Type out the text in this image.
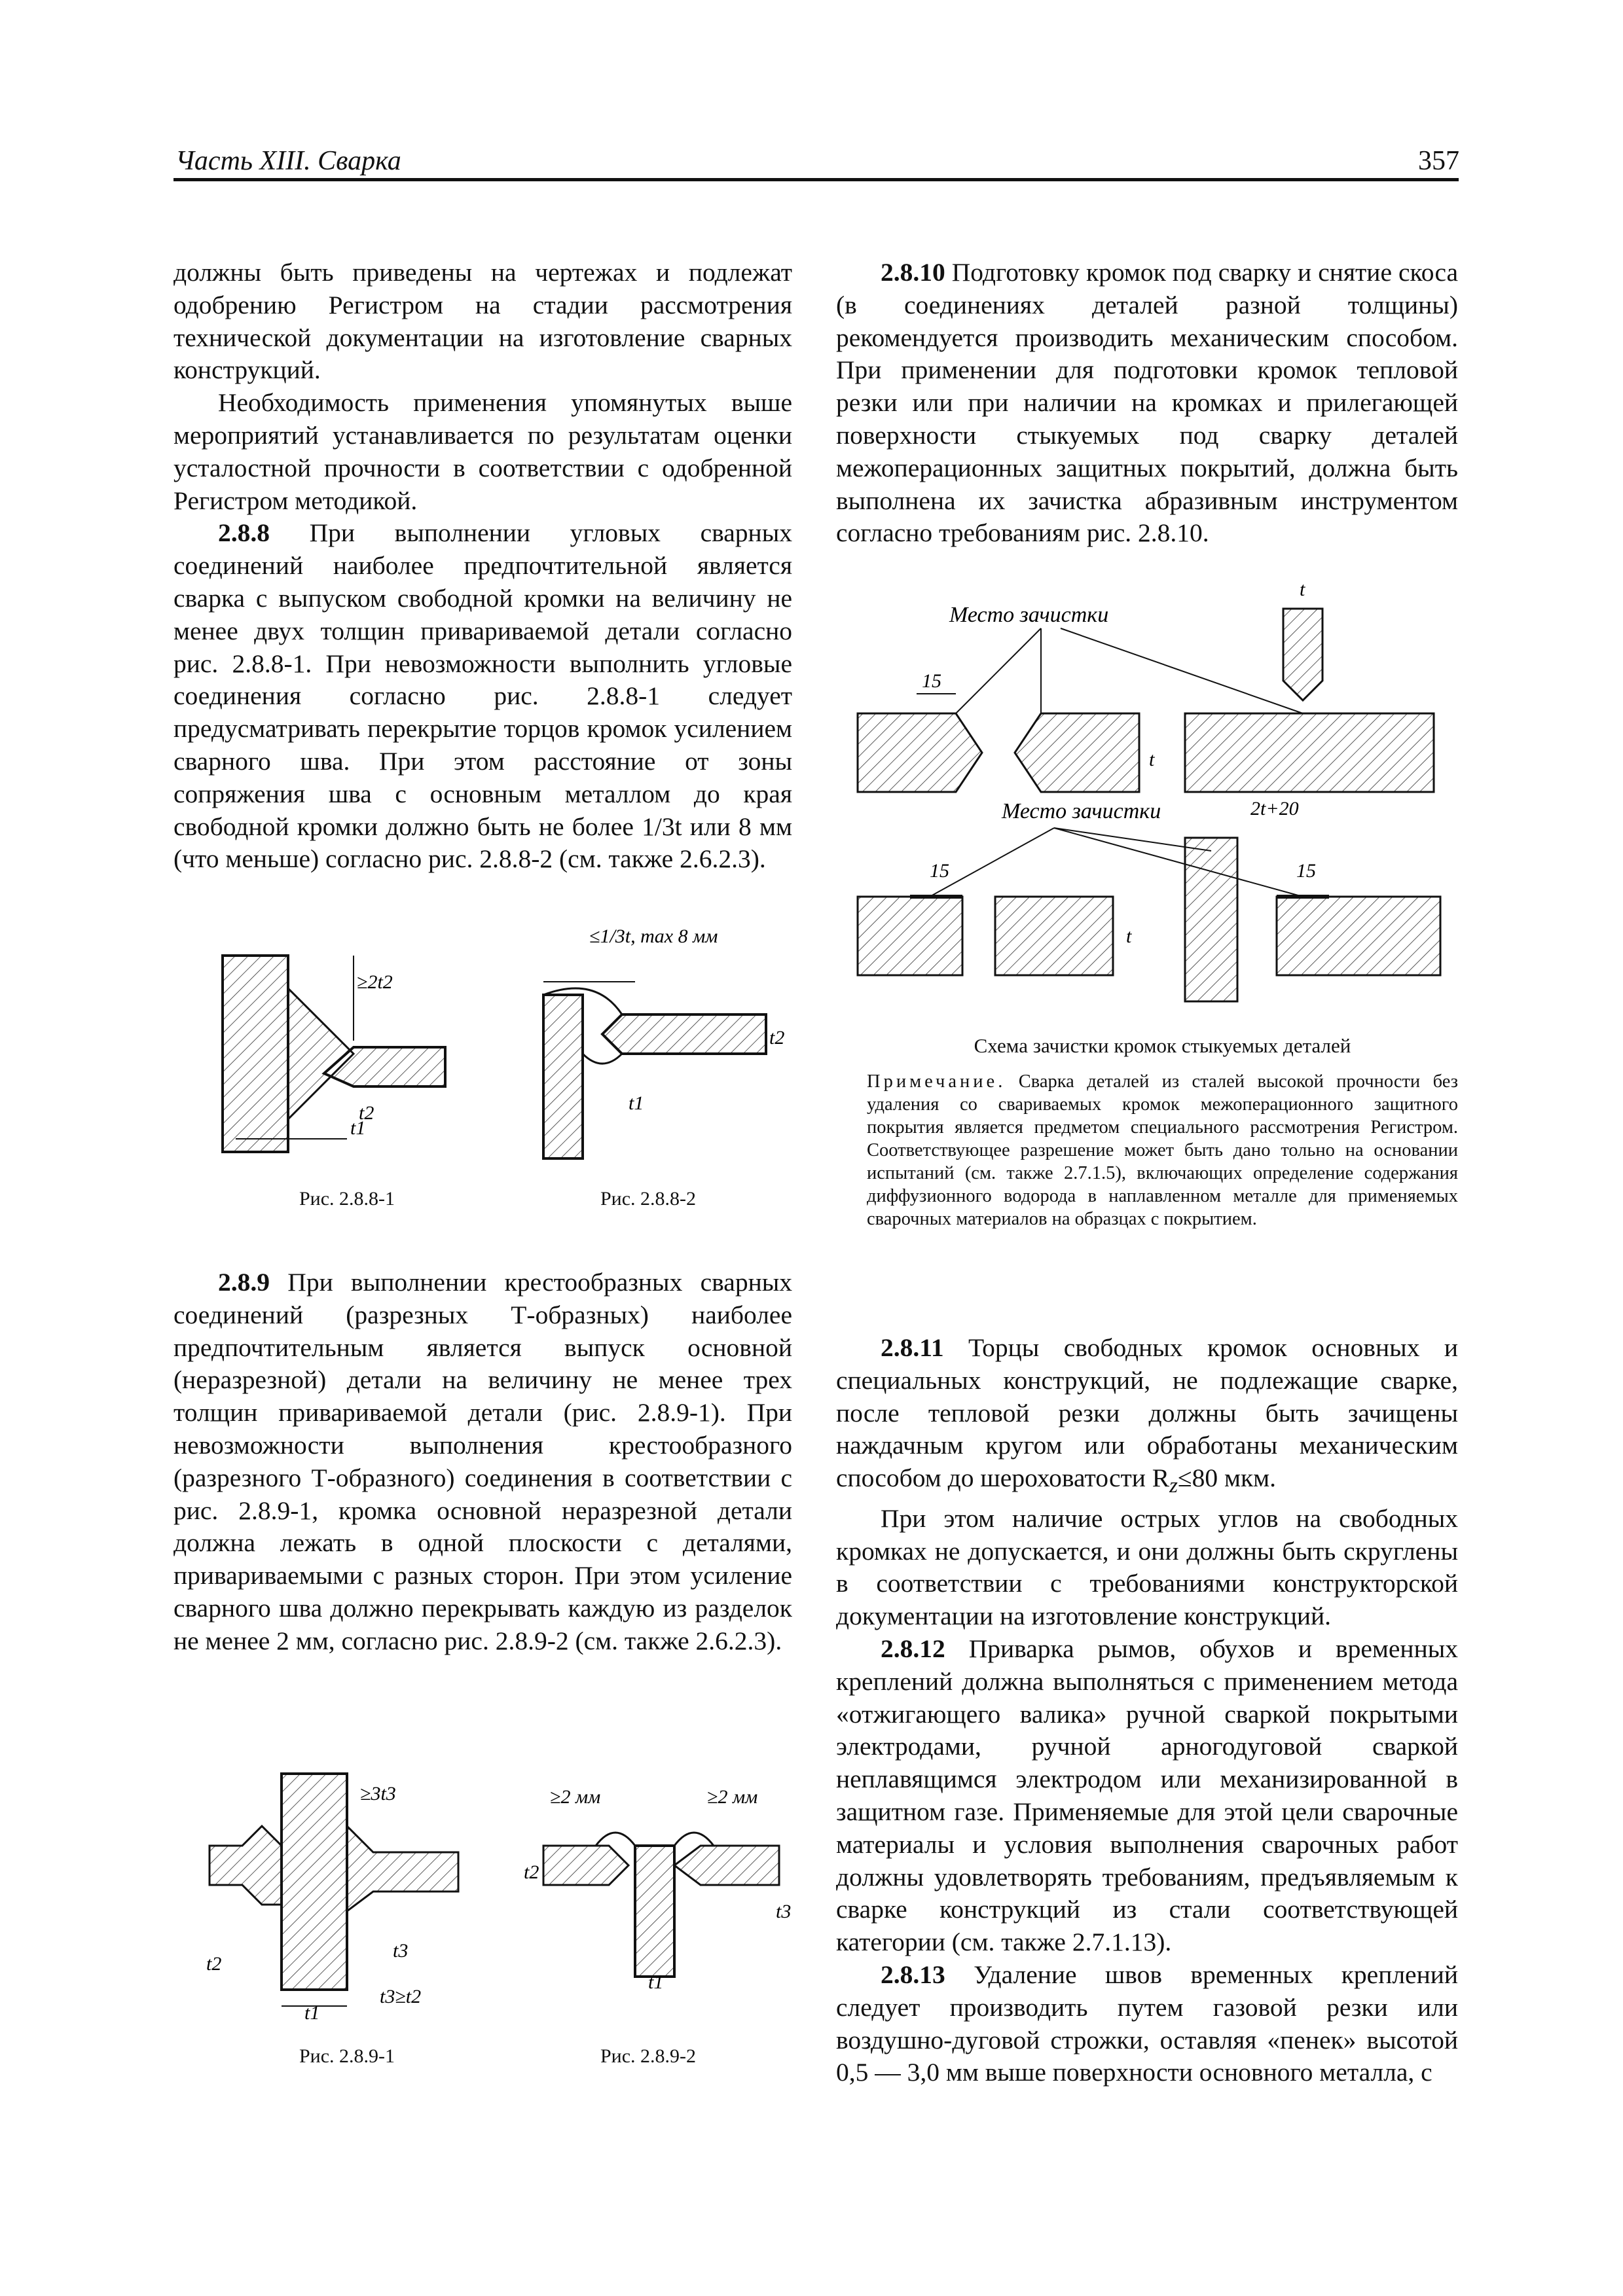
Часть XIII. Сварка	357

должны быть приведены на чертежах и подлежат одобрению Регистром на стадии рассмотрения технической документации на изготовление сварных конструкций.

Необходимость применения упомянутых выше мероприятий устанавливается по результатам оценки усталостной прочности в соответствии с одобренной Регистром методикой.

2.8.8 При выполнении угловых сварных соединений наиболее предпочтительной является сварка с выпуском свободной кромки на величину не менее двух толщин привариваемой детали согласно рис. 2.8.8-1. При невозможности выполнить угловые соединения согласно рис. 2.8.8-1 следует предусматривать перекрытие торцов кромок усилением сварного шва. При этом расстояние от зоны сопряжения шва с основным металлом до края свободной кромки должно быть не более 1/3t или 8 мм (что меньше) согласно рис. 2.8.8-2 (см. также 2.6.2.3).

≥2t2
t2
t1
Рис. 2.8.8-1
≤1/3t, max 8 мм
t1
t2
Рис. 2.8.8-2

2.8.9 При выполнении крестообразных сварных соединений (разрезных Т-образных) наиболее предпочтительным является выпуск основной (неразрезной) детали на величину не менее трех толщин привариваемой детали (рис. 2.8.9-1). При невозможности выполнения крестообразного (разрезного Т-образного) соединения в соответствии с рис. 2.8.9-1, кромка основной неразрезной детали должна лежать в одной плоскости с деталями, привариваемыми с разных сторон. При этом усиление сварного шва должно перекрывать каждую из разделок не менее 2 мм, согласно рис. 2.8.9-2 (см. также 2.6.2.3).

≥3t3
t1
t2
t3
t3≥t2
Рис. 2.8.9-1
≥2 мм	≥2 мм
t1
t2
t3
Рис. 2.8.9-2

2.8.10 Подготовку кромок под сварку и снятие скоса (в соединениях деталей разной толщины) рекомендуется производить механическим способом. При применении для подготовки кромок тепловой резки или при наличии на кромках и прилегающей поверхности стыкуемых под сварку деталей межоперационных защитных покрытий, должна быть выполнена их зачистка абразивным инструментом согласно требованиям рис. 2.8.10.

Место зачистки
Место зачистки
15
t
t
2t+20
15	15
t
Схема зачистки кромок стыкуемых деталей
Примечание. Сварка деталей из сталей высокой прочности без удаления со свариваемых кромок межоперационного защитного покрытия является предметом специального рассмотрения Регистром. Соответствующее разрешение может быть дано тольно на основании испытаний (см. также 2.7.1.5), включающих определение содержания диффузионного водорода в наплавленном металле для применяемых сварочных материалов на образцах с покрытием.

2.8.11 Торцы свободных кромок основных и специальных конструкций, не подлежащие сварке, после тепловой резки должны быть зачищены наждачным кругом или обработаны механическим способом до шероховатости $R_z\le 80$ мкм.

При этом наличие острых углов на свободных кромках не допускается, и они должны быть скруглены в соответствии с требованиями конструкторской документации на изготовление конструкций.

2.8.12 Приварка рымов, обухов и временных креплений должна выполняться с применением метода «отжигающего валика» ручной сваркой покрытыми электродами, ручной арногодуговой сваркой неплавящимся электродом или механизированной в защитном газе. Применяемые для этой цели сварочные материалы и условия выполнения сварочных работ должны удовлетворять требованиям, предъявляемым к сварке конструкций из стали соответствующей категории (см. также 2.7.1.13).

2.8.13 Удаление швов временных креплений следует производить путем газовой резки или воздушно-дуговой строжки, оставляя «пенек» высотой 0,5 — 3,0 мм выше поверхности основного металла, с
